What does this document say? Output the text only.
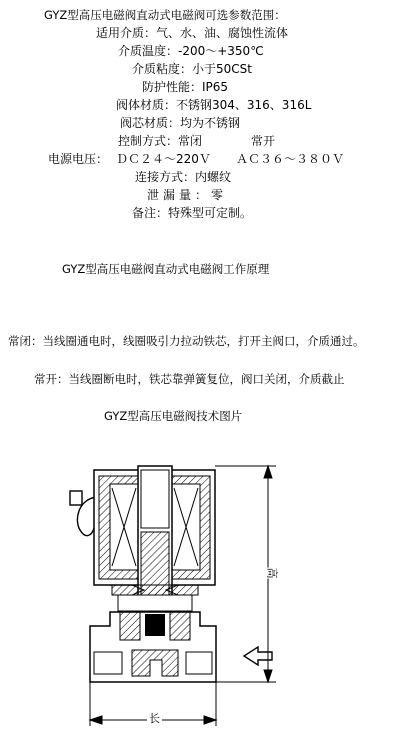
GYZ型高压电磁阀直动式电磁阀可选参数范围：
适用介质：气、水、油、腐蚀性流体
介质温度：-200～+350℃
介质粘度：小于50CSt
防护性能：IP65
阀体材质：不锈钢304、316、316L
阀芯材质：均为不锈钢
控制方式：常闭	常开
电源电压： ＤＣ２４～220Ｖ ＡＣ３６～３８０Ｖ
连接方式：内螺纹
泄漏量：零
备注：特殊型可定制。
GYZ型高压电磁阀直动式电磁阀工作原理
常闭：当线圈通电时，线圈吸引力拉动铁芯，打开主阀口，介质通过。
常开：当线圈断电时，铁芯靠弹簧复位，阀口关闭，介质截止
GYZ型高压电磁阀技术图片
高
长
